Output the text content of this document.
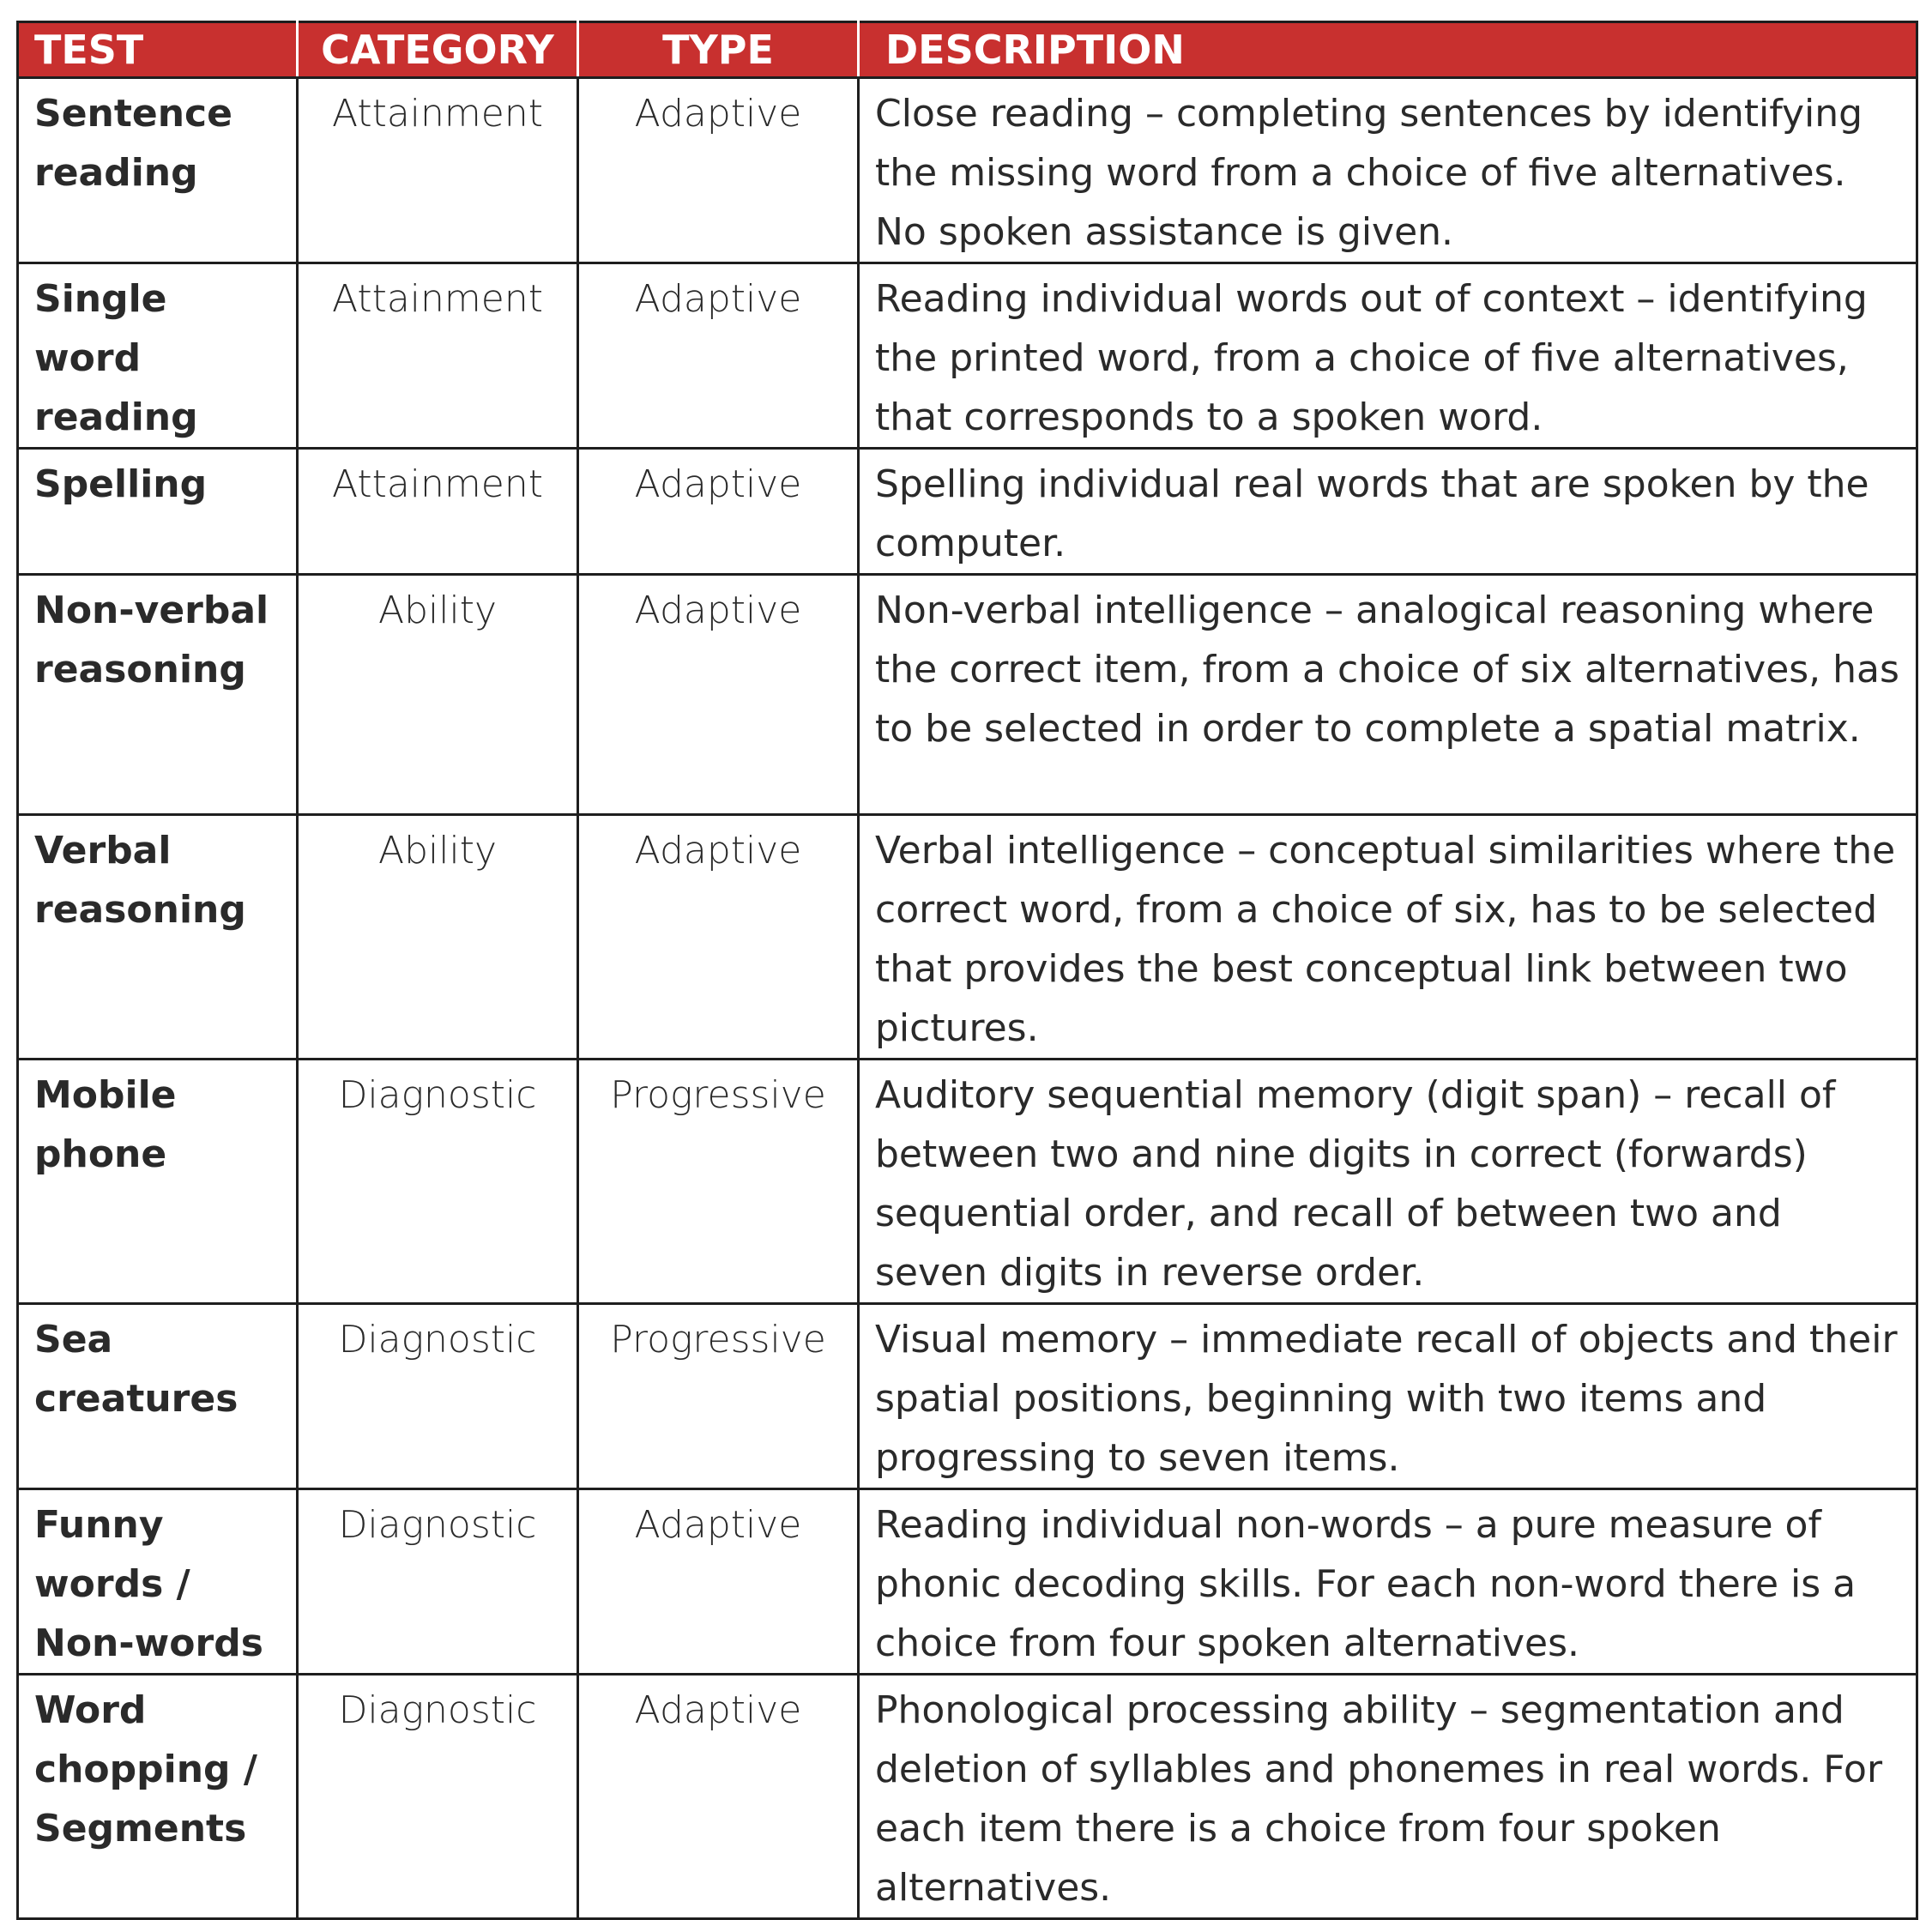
TEST	CATEGORY	TYPE	DESCRIPTION
Sentence reading	Attainment	Adaptive	Close reading – completing sentences by identifying the missing word from a choice of five alternatives. No spoken assistance is given.
Single word reading	Attainment	Adaptive	Reading individual words out of context – identifying the printed word, from a choice of five alternatives, that corresponds to a spoken word.
Spelling	Attainment	Adaptive	Spelling individual real words that are spoken by the computer.
Non-verbal reasoning	Ability	Adaptive	Non-verbal intelligence – analogical reasoning where the correct item, from a choice of six alternatives, has to be selected in order to complete a spatial matrix.
Verbal reasoning	Ability	Adaptive	Verbal intelligence – conceptual similarities where the correct word, from a choice of six, has to be selected that provides the best conceptual link between two pictures.
Mobile phone	Diagnostic	Progressive	Auditory sequential memory (digit span) – recall of between two and nine digits in correct (forwards) sequential order, and recall of between two and seven digits in reverse order.
Sea creatures	Diagnostic	Progressive	Visual memory – immediate recall of objects and their spatial positions, beginning with two items and progressing to seven items.
Funny words / Non-words	Diagnostic	Adaptive	Reading individual non-words – a pure measure of phonic decoding skills. For each non-word there is a choice from four spoken alternatives.
Word chopping / Segments	Diagnostic	Adaptive	Phonological processing ability – segmentation and deletion of syllables and phonemes in real words. For each item there is a choice from four spoken alternatives.
